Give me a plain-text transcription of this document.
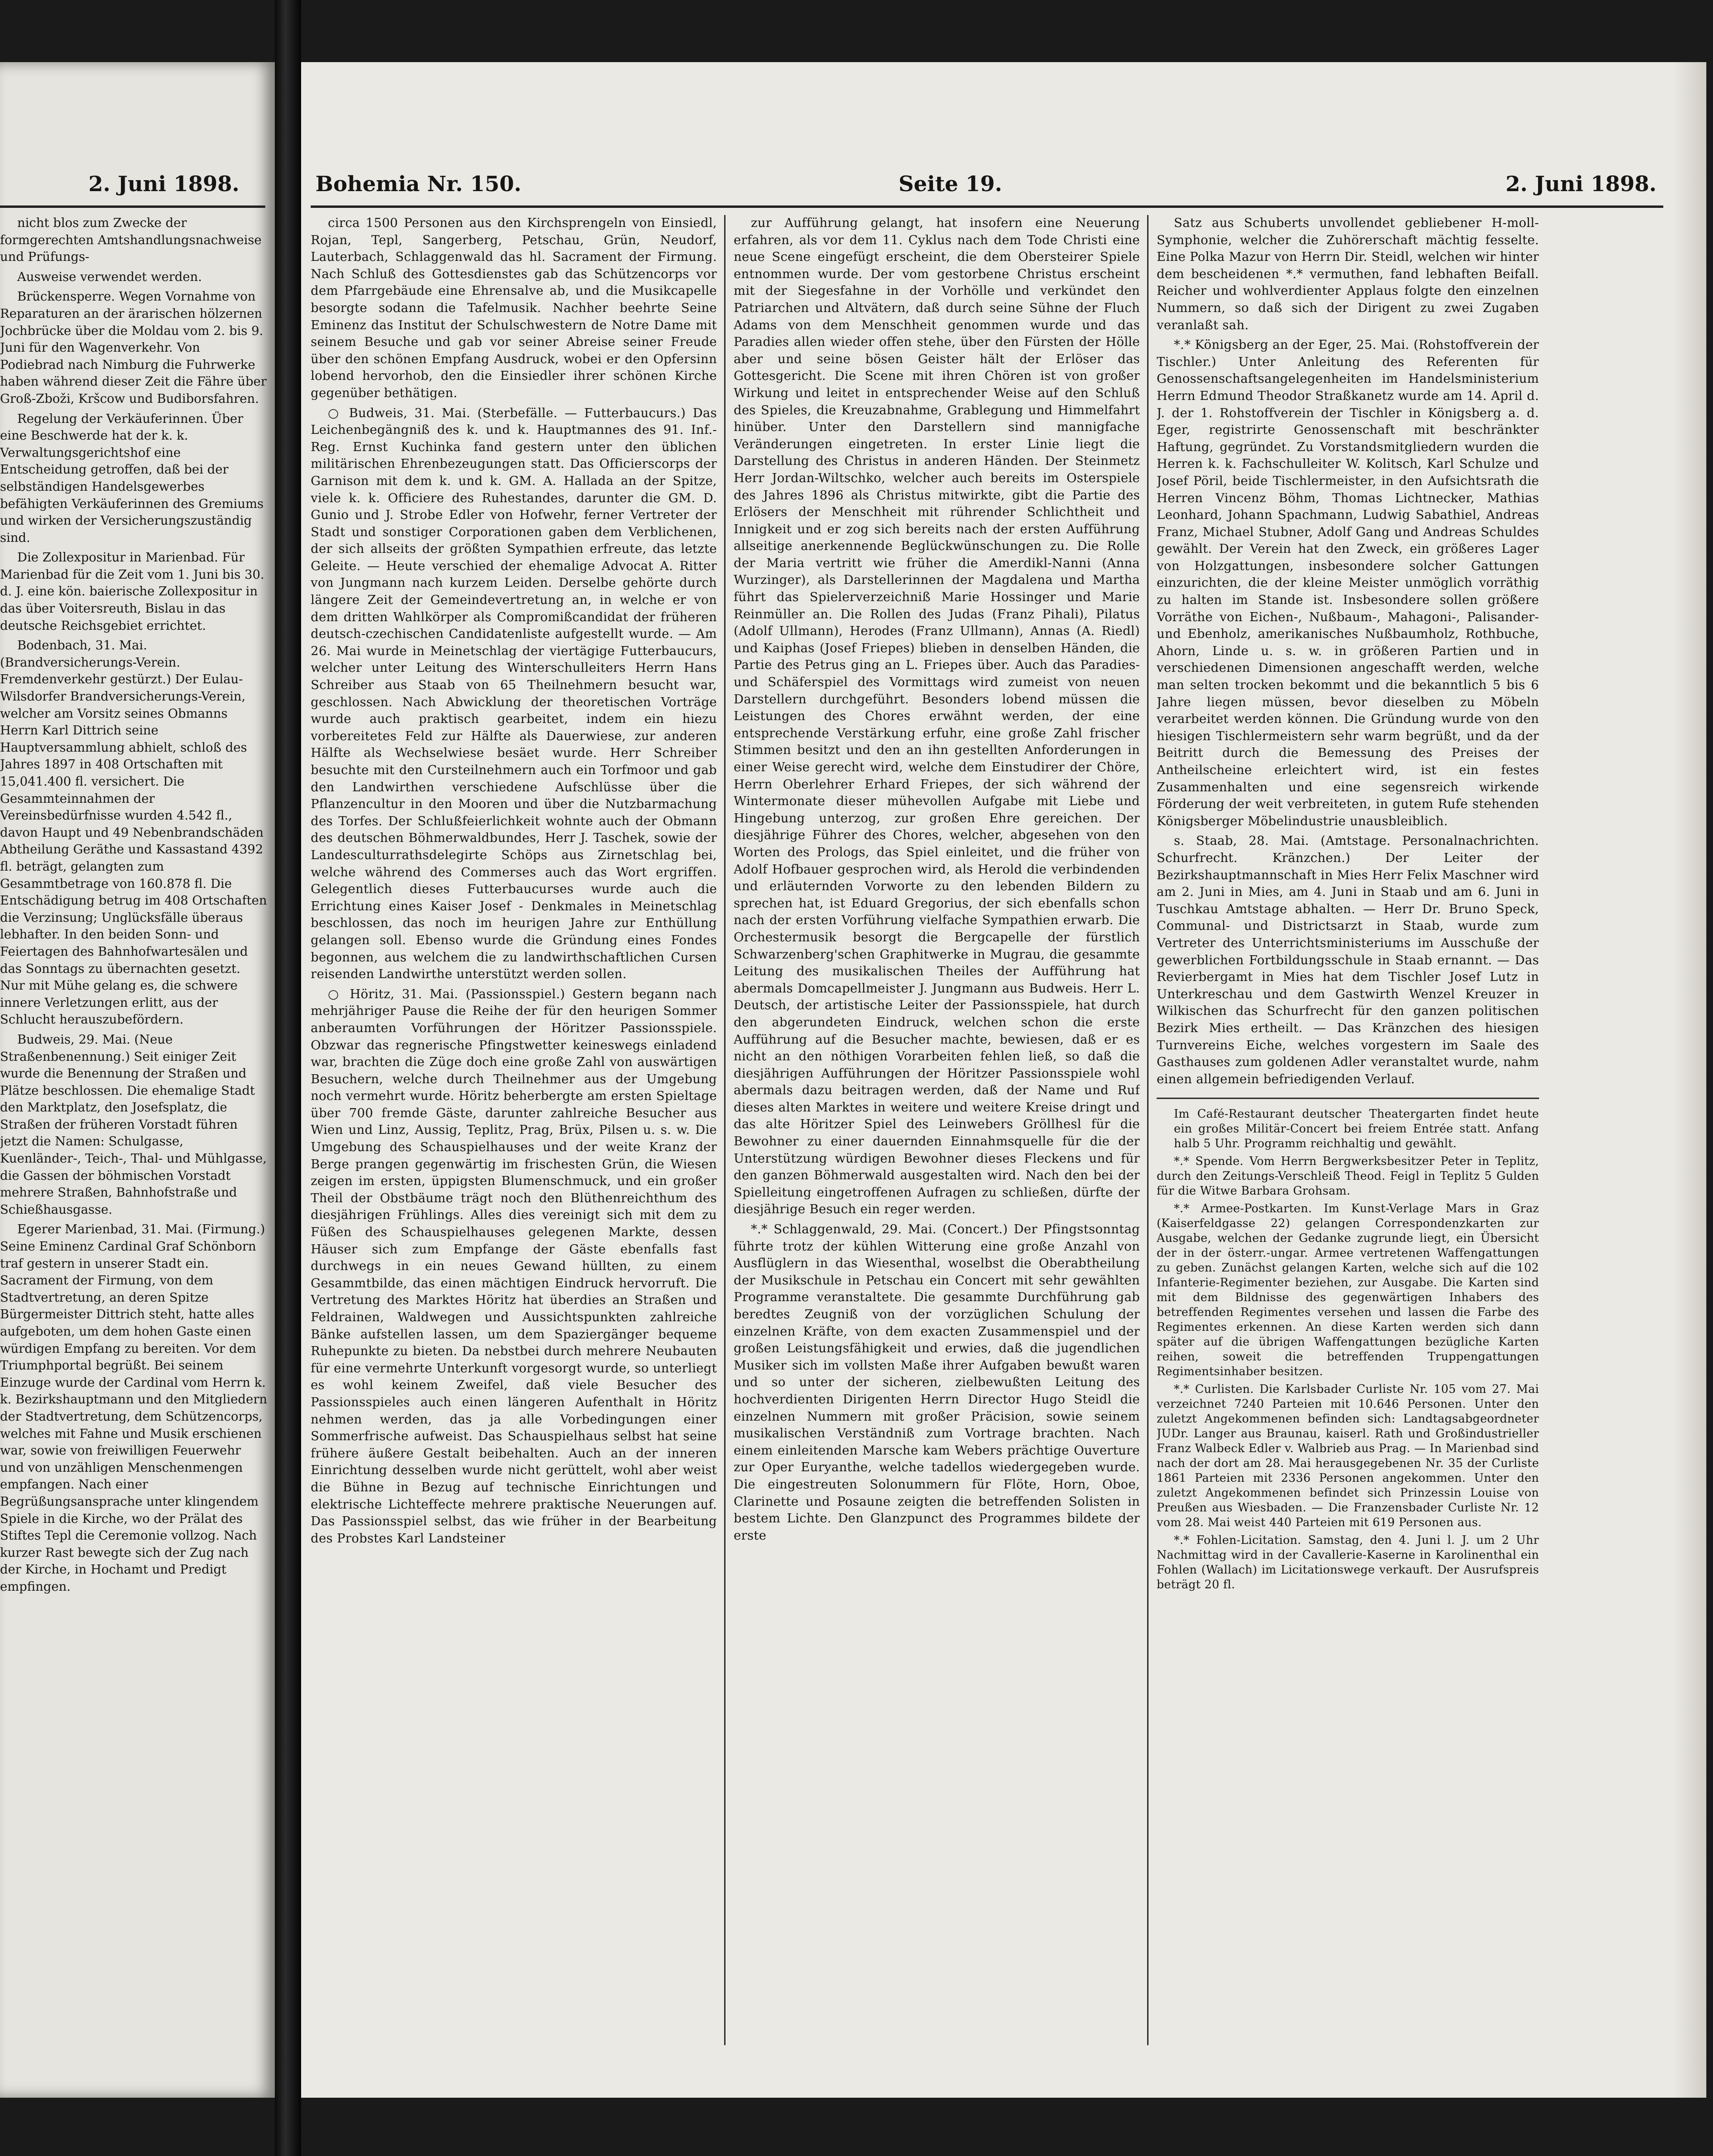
2. Juni 1898.

nicht blos zum Zwecke der formgerechten Amtshandlungsnachweise und Prüfungs-

Ausweise verwendet werden.

Brückensperre. Wegen Vornahme von Reparaturen an der ärarischen hölzernen Jochbrücke über die Moldau vom 2. bis 9. Juni für den Wagenverkehr. Von Podiebrad nach Nimburg die Fuhrwerke haben während dieser Zeit die Fähre über Groß-Zboži, Kršcow und Budiborsfahren.

Regelung der Verkäuferinnen. Über eine Beschwerde hat der k. k. Verwaltungsgerichtshof eine Entscheidung getroffen, daß bei der selbständigen Handelsgewerbes befähigten Verkäuferinnen des Gremiums und wirken der Versicherungszuständig sind.

Die Zollexpositur in Marienbad. Für Marienbad für die Zeit vom 1. Juni bis 30. d. J. eine kön. baierische Zollexpositur in das über Voitersreuth, Bislau in das deutsche Reichsgebiet errichtet.

Bodenbach, 31. Mai. (Brandversicherungs-Verein. Fremdenverkehr gestürzt.) Der Eulau-Wilsdorfer Brandversicherungs-Verein, welcher am Vorsitz seines Obmanns Herrn Karl Dittrich seine Hauptversammlung abhielt, schloß des Jahres 1897 in 408 Ortschaften mit 15,041.400 fl. versichert. Die Gesammteinnahmen der Vereinsbedürfnisse wurden 4.542 fl., davon Haupt und 49 Nebenbrandschäden Abtheilung Geräthe und Kassastand 4392 fl. beträgt, gelangten zum Gesammtbetrage von 160.878 fl. Die Entschädigung betrug im 408 Ortschaften die Verzinsung; Unglücksfälle überaus lebhafter. In den beiden Sonn- und Feiertagen des Bahnhofwartesälen und das Sonntags zu übernachten gesetzt. Nur mit Mühe gelang es, die schwere innere Verletzungen erlitt, aus der Schlucht herauszubefördern.

Budweis, 29. Mai. (Neue Straßenbenennung.) Seit einiger Zeit wurde die Benennung der Straßen und Plätze beschlossen. Die ehemalige Stadt den Marktplatz, den Josefsplatz, die Straßen der früheren Vorstadt führen jetzt die Namen: Schulgasse, Kuenländer-, Teich-, Thal- und Mühlgasse, die Gassen der böhmischen Vorstadt mehrere Straßen, Bahnhofstraße und Schießhausgasse.

Egerer Marienbad, 31. Mai. (Firmung.) Seine Eminenz Cardinal Graf Schönborn traf gestern in unserer Stadt ein. Sacrament der Firmung, von dem Stadtvertretung, an deren Spitze Bürgermeister Dittrich steht, hatte alles aufgeboten, um dem hohen Gaste einen würdigen Empfang zu bereiten. Vor dem Triumphportal begrüßt. Bei seinem Einzuge wurde der Cardinal vom Herrn k. k. Bezirkshauptmann und den Mitgliedern der Stadtvertretung, dem Schützencorps, welches mit Fahne und Musik erschienen war, sowie von freiwilligen Feuerwehr und von unzähligen Menschenmengen empfangen. Nach einer Begrüßungsansprache unter klingendem Spiele in die Kirche, wo der Prälat des Stiftes Tepl die Ceremonie vollzog. Nach kurzer Rast bewegte sich der Zug nach der Kirche, in Hochamt und Predigt empfingen.

Bohemia Nr. 150.	Seite 19.	2. Juni 1898.

circa 1500 Personen aus den Kirchsprengeln von Einsiedl, Rojan, Tepl, Sangerberg, Petschau, Grün, Neudorf, Lauterbach, Schlaggenwald das hl. Sacrament der Firmung. Nach Schluß des Gottesdienstes gab das Schützencorps vor dem Pfarrgebäude eine Ehrensalve ab, und die Musikcapelle besorgte sodann die Tafelmusik. Nachher beehrte Seine Eminenz das Institut der Schulschwestern de Notre Dame mit seinem Besuche und gab vor seiner Abreise seiner Freude über den schönen Empfang Ausdruck, wobei er den Opfersinn lobend hervorhob, den die Einsiedler ihrer schönen Kirche gegenüber bethätigen.

○ Budweis, 31. Mai. (Sterbefälle. — Futterbaucurs.) Das Leichenbegängniß des k. und k. Hauptmannes des 91. Inf.-Reg. Ernst Kuchinka fand gestern unter den üblichen militärischen Ehrenbezeugungen statt. Das Officierscorps der Garnison mit dem k. und k. GM. A. Hallada an der Spitze, viele k. k. Officiere des Ruhestandes, darunter die GM. D. Gunio und J. Strobe Edler von Hofwehr, ferner Vertreter der Stadt und sonstiger Corporationen gaben dem Verblichenen, der sich allseits der größten Sympathien erfreute, das letzte Geleite. — Heute verschied der ehemalige Advocat A. Ritter von Jungmann nach kurzem Leiden. Derselbe gehörte durch längere Zeit der Gemeindevertretung an, in welche er von dem dritten Wahlkörper als Compromißcandidat der früheren deutsch-czechischen Candidatenliste aufgestellt wurde. — Am 26. Mai wurde in Meinetschlag der viertägige Futterbaucurs, welcher unter Leitung des Winterschulleiters Herrn Hans Schreiber aus Staab von 65 Theilnehmern besucht war, geschlossen. Nach Abwicklung der theoretischen Vorträge wurde auch praktisch gearbeitet, indem ein hiezu vorbereitetes Feld zur Hälfte als Dauerwiese, zur anderen Hälfte als Wechselwiese besäet wurde. Herr Schreiber besuchte mit den Cursteilnehmern auch ein Torfmoor und gab den Landwirthen verschiedene Aufschlüsse über die Pflanzencultur in den Mooren und über die Nutzbarmachung des Torfes. Der Schlußfeierlichkeit wohnte auch der Obmann des deutschen Böhmerwaldbundes, Herr J. Taschek, sowie der Landesculturrathsdelegirte Schöps aus Zirnetschlag bei, welche während des Commerses auch das Wort ergriffen. Gelegentlich dieses Futterbaucurses wurde auch die Errichtung eines Kaiser Josef - Denkmales in Meinetschlag beschlossen, das noch im heurigen Jahre zur Enthüllung gelangen soll. Ebenso wurde die Gründung eines Fondes begonnen, aus welchem die zu landwirthschaftlichen Cursen reisenden Landwirthe unterstützt werden sollen.

○ Höritz, 31. Mai. (Passionsspiel.) Gestern begann nach mehrjähriger Pause die Reihe der für den heurigen Sommer anberaumten Vorführungen der Höritzer Passionsspiele. Obzwar das regnerische Pfingstwetter keineswegs einladend war, brachten die Züge doch eine große Zahl von auswärtigen Besuchern, welche durch Theilnehmer aus der Umgebung noch vermehrt wurde. Höritz beherbergte am ersten Spieltage über 700 fremde Gäste, darunter zahlreiche Besucher aus Wien und Linz, Aussig, Teplitz, Prag, Brüx, Pilsen u. s. w. Die Umgebung des Schauspielhauses und der weite Kranz der Berge prangen gegenwärtig im frischesten Grün, die Wiesen zeigen im ersten, üppigsten Blumenschmuck, und ein großer Theil der Obstbäume trägt noch den Blüthenreichthum des diesjährigen Frühlings. Alles dies vereinigt sich mit dem zu Füßen des Schauspielhauses gelegenen Markte, dessen Häuser sich zum Empfange der Gäste ebenfalls fast durchwegs in ein neues Gewand hüllten, zu einem Gesammtbilde, das einen mächtigen Eindruck hervorruft. Die Vertretung des Marktes Höritz hat überdies an Straßen und Feldrainen, Waldwegen und Aussichtspunkten zahlreiche Bänke aufstellen lassen, um dem Spaziergänger bequeme Ruhepunkte zu bieten. Da nebstbei durch mehrere Neubauten für eine vermehrte Unterkunft vorgesorgt wurde, so unterliegt es wohl keinem Zweifel, daß viele Besucher des Passionsspieles auch einen längeren Aufenthalt in Höritz nehmen werden, das ja alle Vorbedingungen einer Sommerfrische aufweist. Das Schauspielhaus selbst hat seine frühere äußere Gestalt beibehalten. Auch an der inneren Einrichtung desselben wurde nicht gerüttelt, wohl aber weist die Bühne in Bezug auf technische Einrichtungen und elektrische Lichteffecte mehrere praktische Neuerungen auf. Das Passionsspiel selbst, das wie früher in der Bearbeitung des Probstes Karl Landsteiner

zur Aufführung gelangt, hat insofern eine Neuerung erfahren, als vor dem 11. Cyklus nach dem Tode Christi eine neue Scene eingefügt erscheint, die dem Obersteirer Spiele entnommen wurde. Der vom gestorbene Christus erscheint mit der Siegesfahne in der Vorhölle und verkündet den Patriarchen und Altvätern, daß durch seine Sühne der Fluch Adams von dem Menschheit genommen wurde und das Paradies allen wieder offen stehe, über den Fürsten der Hölle aber und seine bösen Geister hält der Erlöser das Gottesgericht. Die Scene mit ihren Chören ist von großer Wirkung und leitet in entsprechender Weise auf den Schluß des Spieles, die Kreuzabnahme, Grablegung und Himmelfahrt hinüber. Unter den Darstellern sind mannigfache Veränderungen eingetreten. In erster Linie liegt die Darstellung des Christus in anderen Händen. Der Steinmetz Herr Jordan-Wiltschko, welcher auch bereits im Osterspiele des Jahres 1896 als Christus mitwirkte, gibt die Partie des Erlösers der Menschheit mit rührender Schlichtheit und Innigkeit und er zog sich bereits nach der ersten Aufführung allseitige anerkennende Beglückwünschungen zu. Die Rolle der Maria vertritt wie früher die Amerdikl-Nanni (Anna Wurzinger), als Darstellerinnen der Magdalena und Martha führt das Spielerverzeichniß Marie Hossinger und Marie Reinmüller an. Die Rollen des Judas (Franz Pihali), Pilatus (Adolf Ullmann), Herodes (Franz Ullmann), Annas (A. Riedl) und Kaiphas (Josef Friepes) blieben in denselben Händen, die Partie des Petrus ging an L. Friepes über. Auch das Paradies- und Schäferspiel des Vormittags wird zumeist von neuen Darstellern durchgeführt. Besonders lobend müssen die Leistungen des Chores erwähnt werden, der eine entsprechende Verstärkung erfuhr, eine große Zahl frischer Stimmen besitzt und den an ihn gestellten Anforderungen in einer Weise gerecht wird, welche dem Einstudirer der Chöre, Herrn Oberlehrer Erhard Friepes, der sich während der Wintermonate dieser mühevollen Aufgabe mit Liebe und Hingebung unterzog, zur großen Ehre gereichen. Der diesjährige Führer des Chores, welcher, abgesehen von den Worten des Prologs, das Spiel einleitet, und die früher von Adolf Hofbauer gesprochen wird, als Herold die verbindenden und erläuternden Vorworte zu den lebenden Bildern zu sprechen hat, ist Eduard Gregorius, der sich ebenfalls schon nach der ersten Vorführung vielfache Sympathien erwarb. Die Orchestermusik besorgt die Bergcapelle der fürstlich Schwarzenberg'schen Graphitwerke in Mugrau, die gesammte Leitung des musikalischen Theiles der Aufführung hat abermals Domcapellmeister J. Jungmann aus Budweis. Herr L. Deutsch, der artistische Leiter der Passionsspiele, hat durch den abgerundeten Eindruck, welchen schon die erste Aufführung auf die Besucher machte, bewiesen, daß er es nicht an den nöthigen Vorarbeiten fehlen ließ, so daß die diesjährigen Aufführungen der Höritzer Passionsspiele wohl abermals dazu beitragen werden, daß der Name und Ruf dieses alten Marktes in weitere und weitere Kreise dringt und das alte Höritzer Spiel des Leinwebers Gröllhesl für die Bewohner zu einer dauernden Einnahmsquelle für die der Unterstützung würdigen Bewohner dieses Fleckens und für den ganzen Böhmerwald ausgestalten wird. Nach den bei der Spielleitung eingetroffenen Aufragen zu schließen, dürfte der diesjährige Besuch ein reger werden.

*.* Schlaggenwald, 29. Mai. (Concert.) Der Pfingstsonntag führte trotz der kühlen Witterung eine große Anzahl von Ausflüglern in das Wiesenthal, woselbst die Oberabtheilung der Musikschule in Petschau ein Concert mit sehr gewählten Programme veranstaltete. Die gesammte Durchführung gab beredtes Zeugniß von der vorzüglichen Schulung der einzelnen Kräfte, von dem exacten Zusammenspiel und der großen Leistungsfähigkeit und erwies, daß die jugendlichen Musiker sich im vollsten Maße ihrer Aufgaben bewußt waren und so unter der sicheren, zielbewußten Leitung des hochverdienten Dirigenten Herrn Director Hugo Steidl die einzelnen Nummern mit großer Präcision, sowie seinem musikalischen Verständniß zum Vortrage brachten. Nach einem einleitenden Marsche kam Webers prächtige Ouverture zur Oper Euryanthe, welche tadellos wiedergegeben wurde. Die eingestreuten Solonummern für Flöte, Horn, Oboe, Clarinette und Posaune zeigten die betreffenden Solisten in bestem Lichte. Den Glanzpunct des Programmes bildete der erste

Satz aus Schuberts unvollendet gebliebener H-moll-Symphonie, welcher die Zuhörerschaft mächtig fesselte. Eine Polka Mazur von Herrn Dir. Steidl, welchen wir hinter dem bescheidenen *.* vermuthen, fand lebhaften Beifall. Reicher und wohlverdienter Applaus folgte den einzelnen Nummern, so daß sich der Dirigent zu zwei Zugaben veranlaßt sah.

*.* Königsberg an der Eger, 25. Mai. (Rohstoffverein der Tischler.) Unter Anleitung des Referenten für Genossenschaftsangelegenheiten im Handelsministerium Herrn Edmund Theodor Straßkanetz wurde am 14. April d. J. der 1. Rohstoffverein der Tischler in Königsberg a. d. Eger, registrirte Genossenschaft mit beschränkter Haftung, gegründet. Zu Vorstandsmitgliedern wurden die Herren k. k. Fachschulleiter W. Kolitsch, Karl Schulze und Josef Pöril, beide Tischlermeister, in den Aufsichtsrath die Herren Vincenz Böhm, Thomas Lichtnecker, Mathias Leonhard, Johann Spachmann, Ludwig Sabathiel, Andreas Franz, Michael Stubner, Adolf Gang und Andreas Schuldes gewählt. Der Verein hat den Zweck, ein größeres Lager von Holzgattungen, insbesondere solcher Gattungen einzurichten, die der kleine Meister unmöglich vorräthig zu halten im Stande ist. Insbesondere sollen größere Vorräthe von Eichen-, Nußbaum-, Mahagoni-, Palisander- und Ebenholz, amerikanisches Nußbaumholz, Rothbuche, Ahorn, Linde u. s. w. in größeren Partien und in verschiedenen Dimensionen angeschafft werden, welche man selten trocken bekommt und die bekanntlich 5 bis 6 Jahre liegen müssen, bevor dieselben zu Möbeln verarbeitet werden können. Die Gründung wurde von den hiesigen Tischlermeistern sehr warm begrüßt, und da der Beitritt durch die Bemessung des Preises der Antheilscheine erleichtert wird, ist ein festes Zusammenhalten und eine segensreich wirkende Förderung der weit verbreiteten, in gutem Rufe stehenden Königsberger Möbelindustrie unausbleiblich.

s. Staab, 28. Mai. (Amtstage. Personalnachrichten. Schurfrecht. Kränzchen.) Der Leiter der Bezirkshauptmannschaft in Mies Herr Felix Maschner wird am 2. Juni in Mies, am 4. Juni in Staab und am 6. Juni in Tuschkau Amtstage abhalten. — Herr Dr. Bruno Speck, Communal- und Districtsarzt in Staab, wurde zum Vertreter des Unterrichtsministeriums im Ausschuße der gewerblichen Fortbildungsschule in Staab ernannt. — Das Revierbergamt in Mies hat dem Tischler Josef Lutz in Unterkreschau und dem Gastwirth Wenzel Kreuzer in Wilkischen das Schurfrecht für den ganzen politischen Bezirk Mies ertheilt. — Das Kränzchen des hiesigen Turnvereins Eiche, welches vorgestern im Saale des Gasthauses zum goldenen Adler veranstaltet wurde, nahm einen allgemein befriedigenden Verlauf.

Im Café-Restaurant deutscher Theatergarten findet heute ein großes Militär-Concert bei freiem Entrée statt. Anfang halb 5 Uhr. Programm reichhaltig und gewählt.

*.* Spende. Vom Herrn Bergwerksbesitzer Peter in Teplitz, durch den Zeitungs-Verschleiß Theod. Feigl in Teplitz 5 Gulden für die Witwe Barbara Grohsam.

*.* Armee-Postkarten. Im Kunst-Verlage Mars in Graz (Kaiserfeldgasse 22) gelangen Correspondenzkarten zur Ausgabe, welchen der Gedanke zugrunde liegt, ein Übersicht der in der österr.-ungar. Armee vertretenen Waffengattungen zu geben. Zunächst gelangen Karten, welche sich auf die 102 Infanterie-Regimenter beziehen, zur Ausgabe. Die Karten sind mit dem Bildnisse des gegenwärtigen Inhabers des betreffenden Regimentes versehen und lassen die Farbe des Regimentes erkennen. An diese Karten werden sich dann später auf die übrigen Waffengattungen bezügliche Karten reihen, soweit die betreffenden Truppengattungen Regimentsinhaber besitzen.

*.* Curlisten. Die Karlsbader Curliste Nr. 105 vom 27. Mai verzeichnet 7240 Parteien mit 10.646 Personen. Unter den zuletzt Angekommenen befinden sich: Landtagsabgeordneter JUDr. Langer aus Braunau, kaiserl. Rath und Großindustrieller Franz Walbeck Edler v. Walbrieb aus Prag. — In Marienbad sind nach der dort am 28. Mai herausgegebenen Nr. 35 der Curliste 1861 Parteien mit 2336 Personen angekommen. Unter den zuletzt Angekommenen befindet sich Prinzessin Louise von Preußen aus Wiesbaden. — Die Franzensbader Curliste Nr. 12 vom 28. Mai weist 440 Parteien mit 619 Personen aus.

*.* Fohlen-Licitation. Samstag, den 4. Juni l. J. um 2 Uhr Nachmittag wird in der Cavallerie-Kaserne in Karolinenthal ein Fohlen (Wallach) im Licitationswege verkauft. Der Ausrufspreis beträgt 20 fl.
